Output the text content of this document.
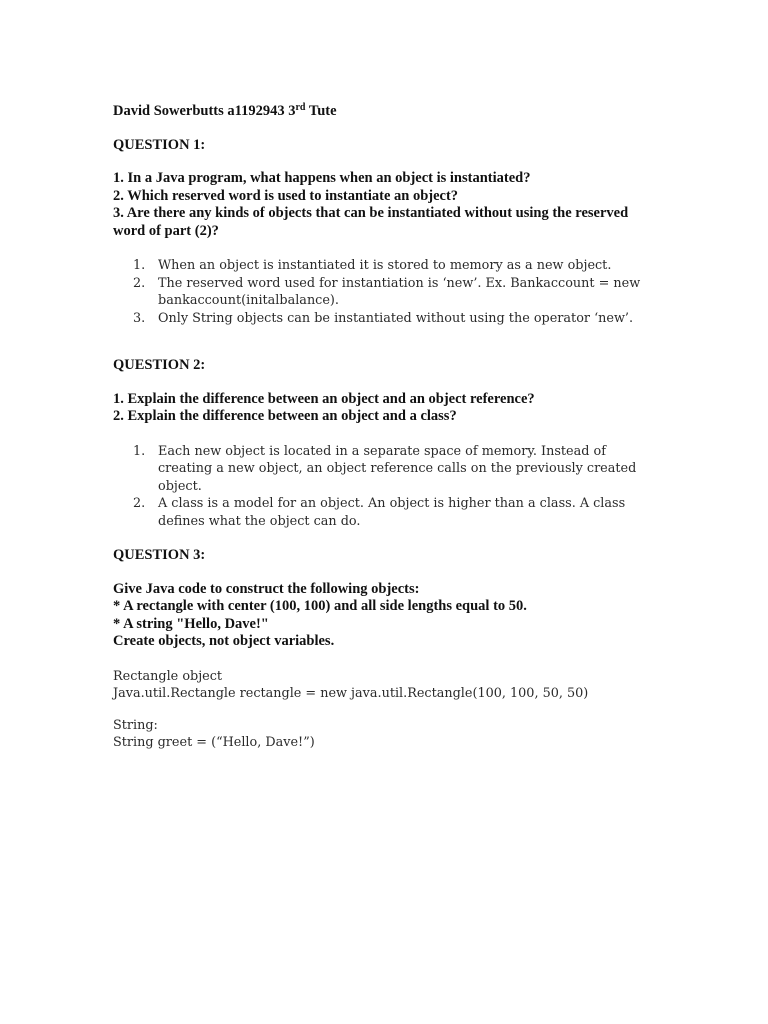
David Sowerbutts a1192943 3rd Tute

QUESTION 1:

1. In a Java program, what happens when an object is instantiated?

2. Which reserved word is used to instantiate an object?

3. Are there any kinds of objects that can be instantiated without using the reserved word of part (2)?

1. When an object is instantiated it is stored to memory as a new object.
2. The reserved word used for instantiation is ‘new’. Ex. Bankaccount = new bankaccount(initalbalance).
3. Only String objects can be instantiated without using the operator ‘new’.

QUESTION 2:

1. Explain the difference between an object and an object reference?

2. Explain the difference between an object and a class?

1. Each new object is located in a separate space of memory. Instead of creating a new object, an object reference calls on the previously created object.
2. A class is a model for an object. An object is higher than a class. A class defines what the object can do.

QUESTION 3:

Give Java code to construct the following objects:

* A rectangle with center (100, 100) and all side lengths equal to 50.

* A string "Hello, Dave!"

Create objects, not object variables.

Rectangle object

Java.util.Rectangle rectangle = new java.util.Rectangle(100, 100, 50, 50)

String:

String greet = (“Hello, Dave!”)
